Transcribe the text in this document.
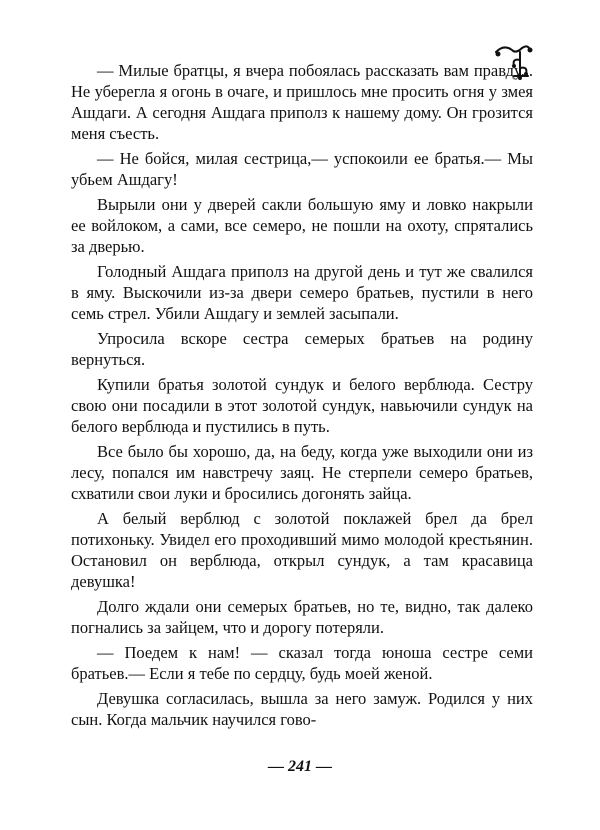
— Милые братцы, я вчера побоялась рассказать вам правду... Не уберегла я огонь в очаге, и пришлось мне просить огня у змея Ашдаги. А сегодня Ашдага приполз к нашему дому. Он грозится меня съесть.

— Не бойся, милая сестрица,— успокоили ее братья.— Мы убьем Ашдагу!

Вырыли они у дверей сакли большую яму и ловко накрыли ее войлоком, а сами, все семеро, не пошли на охоту, спрятались за дверью.

Голодный Ашдага приполз на другой день и тут же свалился в яму. Выскочили из-за двери семеро братьев, пустили в него семь стрел. Убили Ашдагу и землей засыпали.

Упросила вскоре сестра семерых братьев на родину вернуться.

Купили братья золотой сундук и белого верблюда. Сестру свою они посадили в этот золотой сундук, навьючили сундук на белого верблюда и пустились в путь.

Все было бы хорошо, да, на беду, когда уже выходили они из лесу, попался им навстречу заяц. Не стерпели семеро братьев, схватили свои луки и бросились догонять зайца.

А белый верблюд с золотой поклажей брел да брел потихоньку. Увидел его проходивший мимо молодой крестьянин. Остановил он верблюда, открыл сундук, а там красавица девушка!

Долго ждали они семерых братьев, но те, видно, так далеко погнались за зайцем, что и дорогу потеряли.

— Поедем к нам! — сказал тогда юноша сестре семи братьев.— Если я тебе по сердцу, будь моей женой.

Девушка согласилась, вышла за него замуж. Родился у них сын. Когда мальчик научился гово-

— 241 —
